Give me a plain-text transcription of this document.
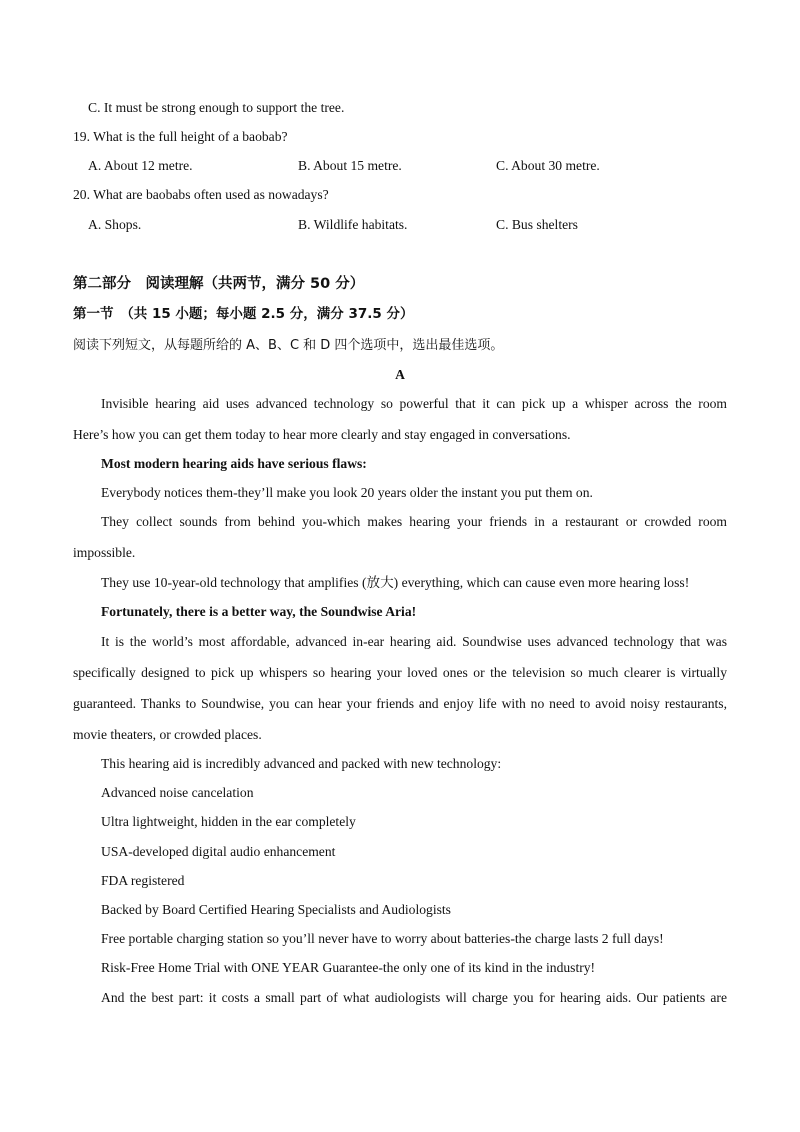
C. It must be strong enough to support the tree.
19. What is the full height of a baobab?
A. About 12 metre.	B. About 15 metre.	C. About 30 metre.
20. What are baobabs often used as nowadays?
A. Shops.	B. Wildlife habitats.	C. Bus shelters
第二部分　阅读理解（共两节，满分 50 分）
第一节　（共 15 小题；每小题 2.5 分，满分 37.5 分）
阅读下列短文，从每题所给的 A、B、C 和 D 四个选项中，选出最佳选项。
A
Invisible hearing aid uses advanced technology so powerful that it can pick up a whisper across the room
Here’s how you can get them today to hear more clearly and stay engaged in conversations.
Most modern hearing aids have serious flaws:
Everybody notices them-they’ll make you look 20 years older the instant you put them on.
They collect sounds from behind you-which makes hearing your friends in a restaurant or crowded room
impossible.
They use 10-year-old technology that amplifies (放大) everything, which can cause even more hearing loss!
Fortunately, there is a better way, the Soundwise Aria!
It is the world’s most affordable, advanced in-ear hearing aid. Soundwise uses advanced technology that was
specifically designed to pick up whispers so hearing your loved ones or the television so much clearer is virtually
guaranteed. Thanks to Soundwise, you can hear your friends and enjoy life with no need to avoid noisy restaurants,
movie theaters, or crowded places.
This hearing aid is incredibly advanced and packed with new technology:
Advanced noise cancelation
Ultra lightweight, hidden in the ear completely
USA-developed digital audio enhancement
FDA registered
Backed by Board Certified Hearing Specialists and Audiologists
Free portable charging station so you’ll never have to worry about batteries-the charge lasts 2 full days!
Risk-Free Home Trial with ONE YEAR Guarantee-the only one of its kind in the industry!
And the best part: it costs a small part of what audiologists will charge you for hearing aids. Our patients are
